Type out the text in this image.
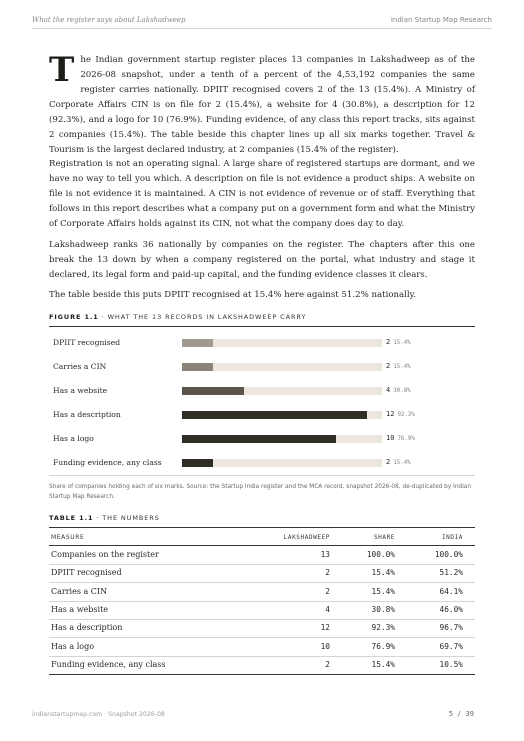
What the register says about Lakshadweep	Indian Startup Map Research
The Indian government startup register places 13 companies in Lakshadweep as of the 2026-08 snapshot, under a tenth of a percent of the 4,53,192 companies the same register carries nationally. DPIIT recognised covers 2 of the 13 (15.4%). A Ministry of Corporate Affairs CIN is on file for 2 (15.4%), a website for 4 (30.8%), a description for 12 (92.3%), and a logo for 10 (76.9%). Funding evidence, of any class this report tracks, sits against 2 companies (15.4%). The table beside this chapter lines up all six marks together. Travel & Tourism is the largest declared industry, at 2 companies (15.4% of the register).
Registration is not an operating signal. A large share of registered startups are dormant, and we have no way to tell you which. A description on file is not evidence a product ships. A website on file is not evidence it is maintained. A CIN is not evidence of revenue or of staff. Everything that follows in this report describes what a company put on a government form and what the Ministry of Corporate Affairs holds against its CIN, not what the company does day to day.
Lakshadweep ranks 36 nationally by companies on the register. The chapters after this one break the 13 down by when a company registered on the portal, what industry and stage it declared, its legal form and paid-up capital, and the funding evidence classes it clears.
The table beside this puts DPIIT recognised at 15.4% here against 51.2% nationally.
FIGURE 1.1 · WHAT THE 13 RECORDS IN LAKSHADWEEP CARRY
DPIIT recognised	2 15.4%
Carries a CIN	2 15.4%
Has a website	4 30.8%
Has a description	12 92.3%
Has a logo	10 76.9%
Funding evidence, any class	2 15.4%
Share of companies holding each of six marks. Source: the Startup India register and the MCA record, snapshot 2026-08, de-duplicated by Indian Startup Map Research.
TABLE 1.1 · THE NUMBERS
MEASURE	LAKSHADWEEP	SHARE	INDIA
Companies on the register	13	100.0%	100.0%
DPIIT recognised	2	15.4%	51.2%
Carries a CIN	2	15.4%	64.1%
Has a website	4	30.8%	46.0%
Has a description	12	92.3%	96.7%
Has a logo	10	76.9%	69.7%
Funding evidence, any class	2	15.4%	10.5%
indianstartupmap.com · Snapshot 2026-08	5 / 39
